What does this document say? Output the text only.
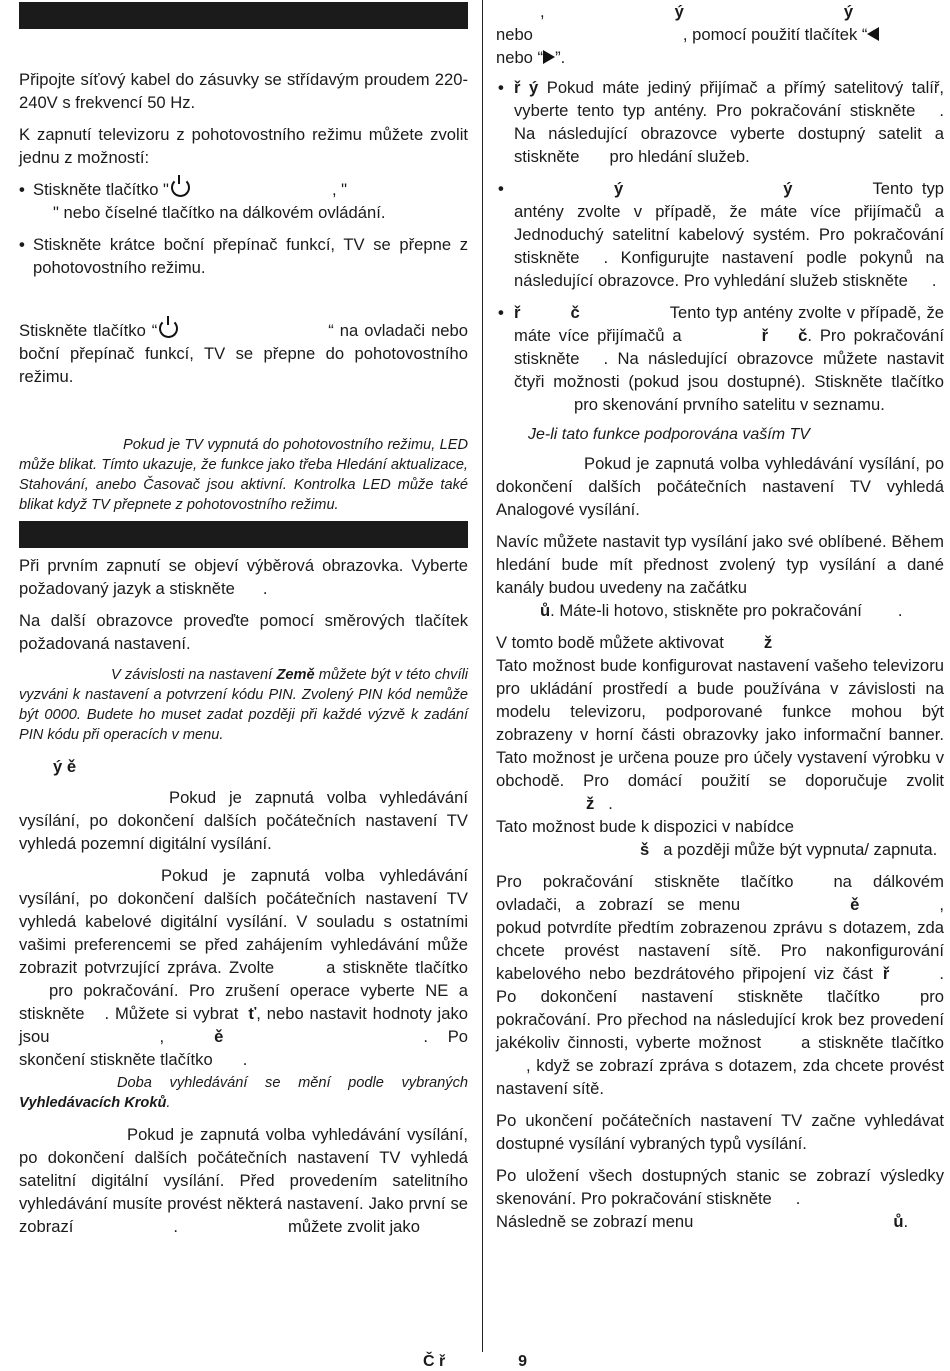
Připojte síťový kabel do zásuvky se střídavým proudem 220-240V s frekvencí 50 Hz.

K zapnutí televizoru z pohotovostního režimu můžete zvolit jednu z možností:

• Stiskněte tlačítko "	, "
" nebo číselné tlačítko na dálkovém ovládání.
• Stiskněte krátce boční přepínač funkcí, TV se přepne z pohotovostního režimu.

Stiskněte tlačítko “	“ na ovladači nebo boční přepínač funkcí, TV se přepne do pohotovostního režimu.

Pokud je TV vypnutá do pohotovostního režimu, LED může blikat. Tímto ukazuje, že funkce jako třeba Hledání aktualizace, Stahování, anebo Časovač jsou aktivní. Kontrolka LED může také blikat když TV přepnete z pohotovostního režimu.

Při prvním zapnutí se objeví výběrová obrazovka. Vyberte požadovaný jazyk a stiskněte .

Na další obrazovce proveďte pomocí směrových tlačítek požadovaná nastavení.

V závislosti na nastavení Země můžete být v této chvíli vyzváni k nastavení a potvrzení kódu PIN. Zvolený PIN kód nemůže být 0000. Budete ho muset zadat později při každé výzvě k zadání PIN kódu při operacích v menu.

ý ě

Pokud je zapnutá volba vyhledávání vysílání, po dokončení dalších počátečních nastavení TV vyhledá pozemní digitální vysílání.

Pokud je zapnutá volba vyhledávání vysílání, po dokončení dalších počátečních nastavení TV vyhledá kabelové digitální vysílání. V souladu s ostatními vašimi preferencemi se před zahájením vyhledávání může zobrazit potvrzující zpráva. Zvolte	a stiskněte tlačítkopro pokračování. Pro zrušení operace vyberte NE a stiskněte . Můžete si vybrat ť, nebo nastavit hodnoty jako jsou	,	ě	. Po skončení stiskněte tlačítko .

Doba vyhledávání se mění podle vybraných Vyhledávacích Kroků.

Pokud je zapnutá volba vyhledávání vysílání, po dokončení dalších počátečních nastavení TV vyhledá satelitní digitální vysílání. Před provedením satelitního vyhledávání musíte provést některá nastavení. Jako první se zobrazí	.	můžete zvolit jako

,	ý	ý
nebo	, pomocí použití tlačítek “
nebo “ ”.

• ř ý Pokud máte jediný přijímač a přímý satelitový talíř, vyberte tento typ antény. Pro pokračování stiskněte . Na následující obrazovce vyberte dostupný satelit a stiskněte pro hledání služeb.
• ý	ý	Tento typ antény zvolte v případě, že máte více přijímačů a Jednoduchý satelitní kabelový systém. Pro pokračování stiskněte . Konfigurujte nastavení podle pokynů na následující obrazovce. Pro vyhledání služeb stiskněte .
• ř	č	Tento typ antény zvolte v případě, že máte více přijímačů a	ř č. Pro pokračování stiskněte . Na následující obrazovce můžete nastavit čtyři možnosti (pokud jsou dostupné). Stiskněte tlačítkopro skenování prvního satelitu v seznamu.

Je-li tato funkce podporována vaším TV

Pokud je zapnutá volba vyhledávání vysílání, po dokončení dalších počátečních nastavení TV vyhledá Analogové vysílání.

Navíc můžete nastavit typ vysílání jako své oblíbené. Během hledání bude mít přednost zvolený typ vysílání a dané kanály budou uvedeny na začátku
ů. Máte-li hotovo, stiskněte pro pokračování .

V tomto bodě můžete aktivovat ž
Tato možnost bude konfigurovat nastavení vašeho televizoru pro ukládání prostředí a bude používána v závislosti na modelu televizoru, podporované funkce mohou být zobrazeny v horní části obrazovky jako informační banner. Tato možnost je určena pouze pro účely vystavení výrobku v obchodě. Pro domácí použití se doporučuje zvolitž .
Tato možnost bude k dispozici v nabídce
š a později může být vypnuta/ zapnuta.

Pro pokračování stiskněte tlačítko na dálkovém ovladači, a zobrazí se menu	ě	, pokud potvrdíte předtím zobrazenou zprávu s dotazem, zda chcete provést nastavení sítě. Pro nakonfigurování kabelového nebo bezdrátového připojení viz část ř	. Po dokončení nastavení stiskněte tlačítko pro pokračování. Pro přechod na následující krok bez provedení jakékoliv činnosti, vyberte možnost a stiskněte tlačítko, když se zobrazí zpráva s dotazem, zda chcete provést nastavení sítě.

Po ukončení počátečních nastavení TV začne vyhledávat dostupné vysílání vybraných typů vysílání.

Po uložení všech dostupných stanic se zobrazí výsledky skenování. Pro pokračování stiskněte .
Následně se zobrazí menu	ů.

Č ř	9
